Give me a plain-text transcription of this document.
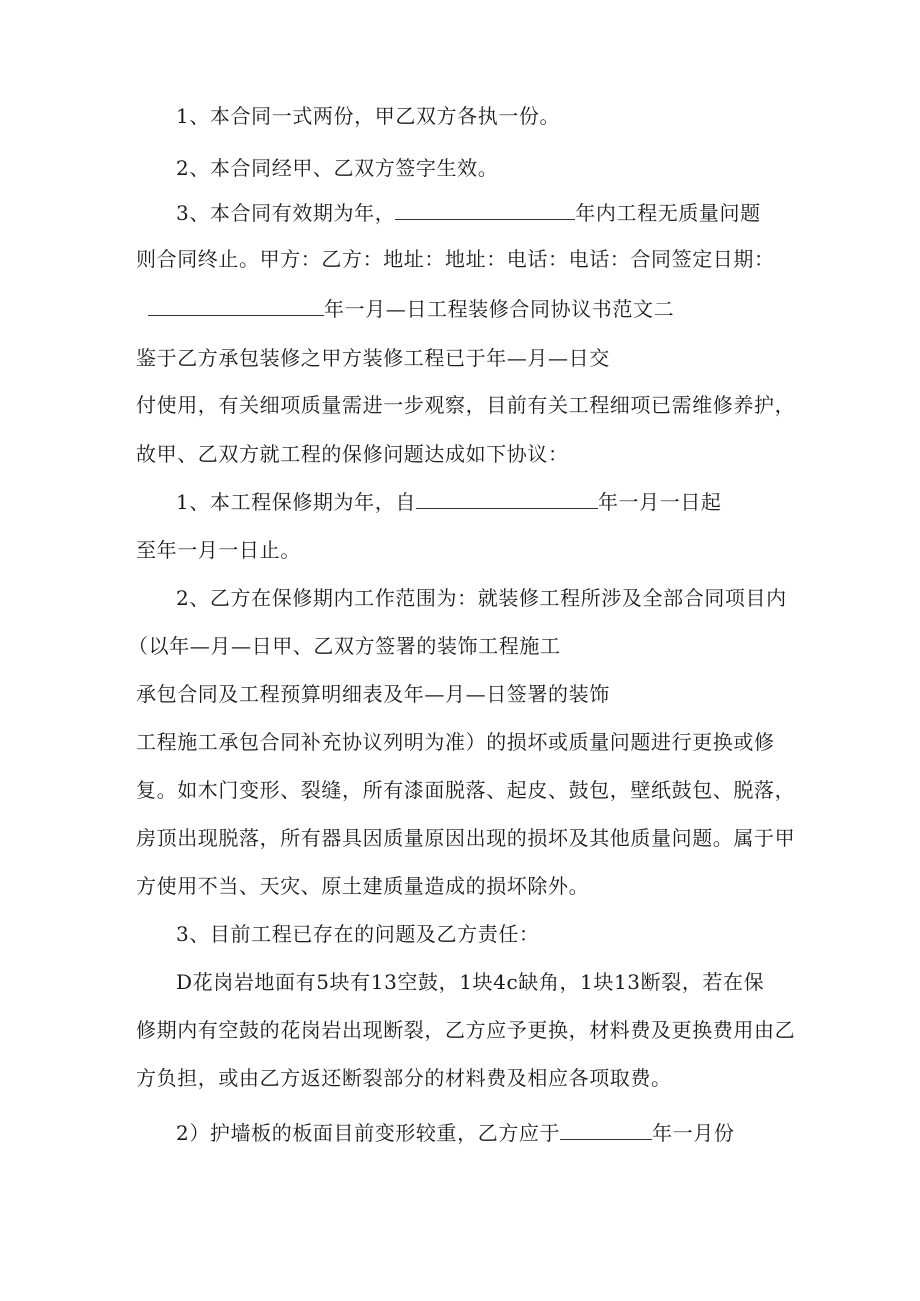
1、本合同一式两份，甲乙双方各执一份。
2、本合同经甲、乙双方签字生效。
3、本合同有效期为年，	年内工程无质量问题
则合同终止。甲方：乙方：地址：地址：电话：电话：合同签定日期：
年一月—日工程装修合同协议书范文二
鉴于乙方承包装修之甲方装修工程已于年—月—日交
付使用，有关细项质量需进一步观察，目前有关工程细项已需维修养护，
故甲、乙双方就工程的保修问题达成如下协议：
1、本工程保修期为年，自	年一月一日起
至年一月一日止。
2、乙方在保修期内工作范围为：就装修工程所涉及全部合同项目内
（以年—月—日甲、乙双方签署的装饰工程施工
承包合同及工程预算明细表及年—月—日签署的装饰
工程施工承包合同补充协议列明为准）的损坏或质量问题进行更换或修
复。如木门变形、裂缝，所有漆面脱落、起皮、鼓包，壁纸鼓包、脱落，
房顶出现脱落，所有器具因质量原因出现的损坏及其他质量问题。属于甲
方使用不当、天灾、原土建质量造成的损坏除外。
3、目前工程已存在的问题及乙方责任：
D花岗岩地面有5块有13空鼓，1块4c缺角，1块13断裂，若在保
修期内有空鼓的花岗岩出现断裂，乙方应予更换，材料费及更换费用由乙
方负担，或由乙方返还断裂部分的材料费及相应各项取费。
2）护墙板的板面目前变形较重，乙方应于	年一月份
